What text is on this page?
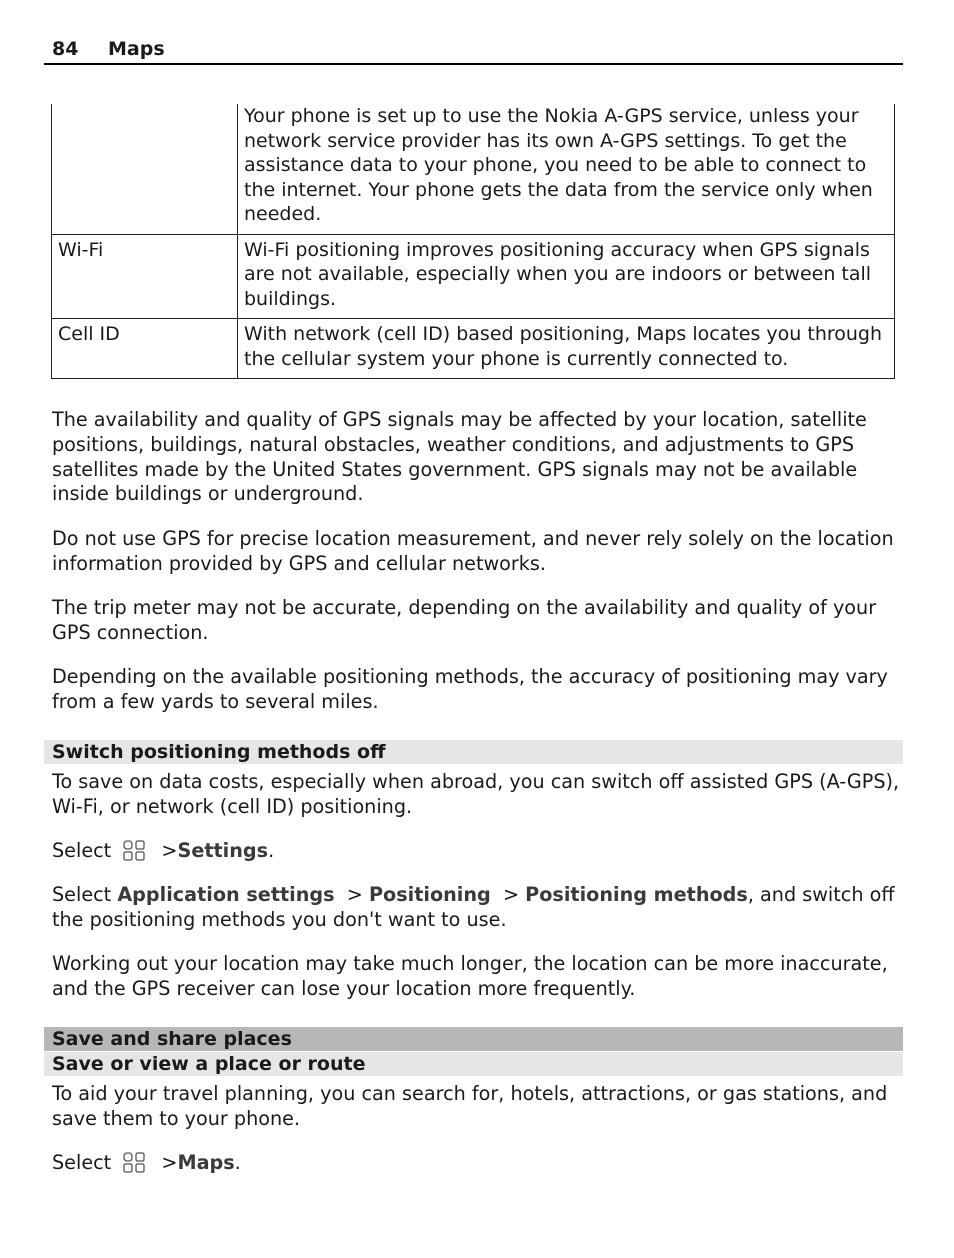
84 Maps
	Your phone is set up to use the Nokia A-GPS service, unless your network service provider has its own A-GPS settings. To get the assistance data to your phone, you need to be able to connect to the internet. Your phone gets the data from the service only when needed.
Wi-Fi	Wi-Fi positioning improves positioning accuracy when GPS signals are not available, especially when you are indoors or between tall buildings.
Cell ID	With network (cell ID) based positioning, Maps locates you through the cellular system your phone is currently connected to.

The availability and quality of GPS signals may be affected by your location, satellite positions, buildings, natural obstacles, weather conditions, and adjustments to GPS satellites made by the United States government. GPS signals may not be available inside buildings or underground.

Do not use GPS for precise location measurement, and never rely solely on the location information provided by GPS and cellular networks.

The trip meter may not be accurate, depending on the availability and quality of your GPS connection.

Depending on the available positioning methods, the accuracy of positioning may vary from a few yards to several miles.

Switch positioning methods off

To save on data costs, especially when abroad, you can switch off assisted GPS (A-GPS), Wi-Fi, or network (cell ID) positioning.

Select	>Settings.

Select Application settings > Positioning > Positioning methods, and switch off the positioning methods you don't want to use.

Working out your location may take much longer, the location can be more inaccurate, and the GPS receiver can lose your location more frequently.

Save and share places
Save or view a place or route

To aid your travel planning, you can search for, hotels, attractions, or gas stations, and save them to your phone.

Select	>Maps.
